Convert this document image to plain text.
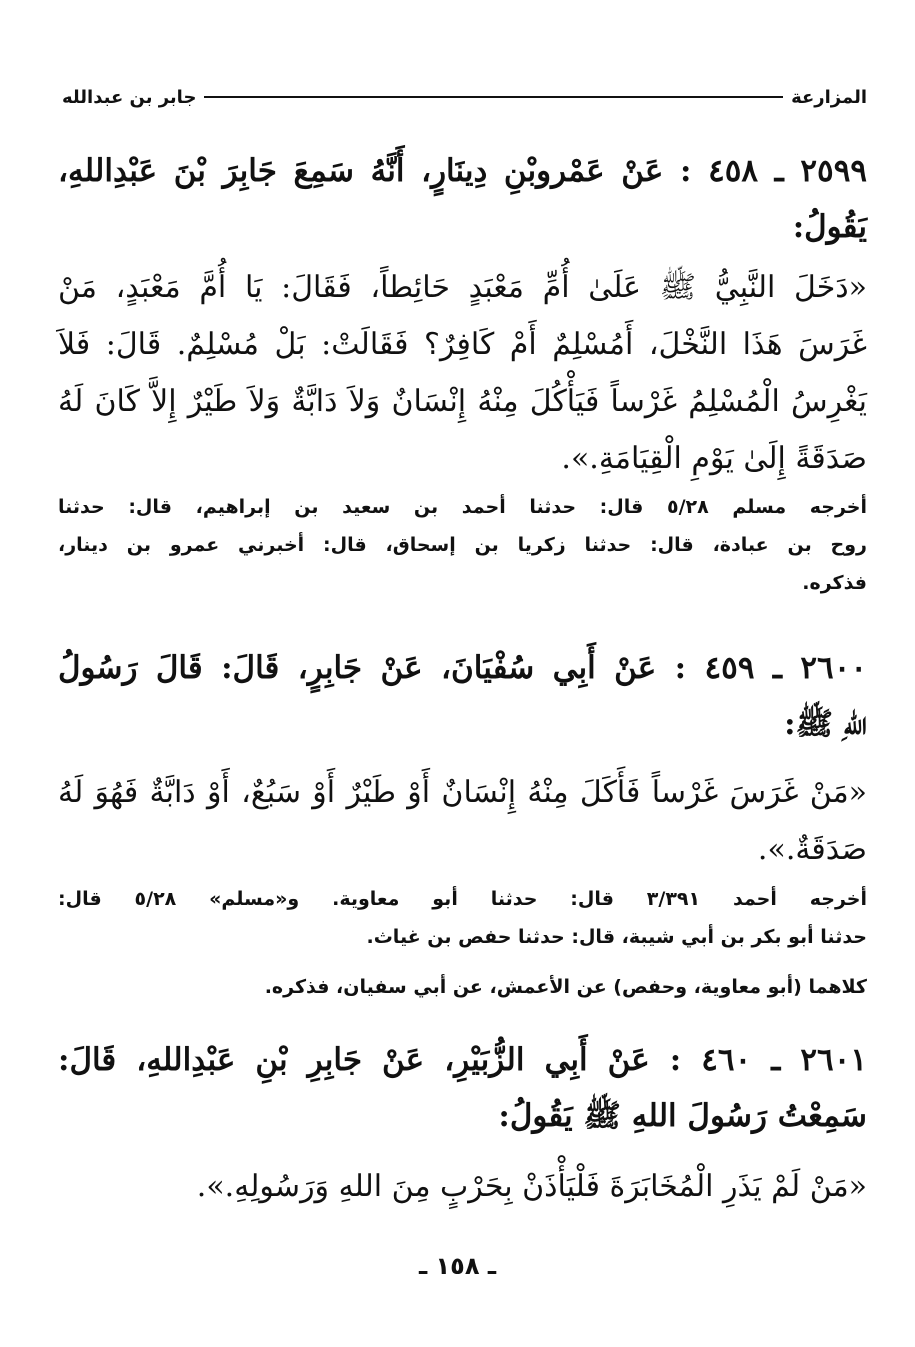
المزارعة
جابر بن عبدالله
٢٥٩٩ ـ ٤٥٨ : عَنْ عَمْروبْنِ دِينَارٍ، أَنَّهُ سَمِعَ جَابِرَ بْنَ عَبْدِاللهِ،
يَقُولُ:
«دَخَلَ النَّبِيُّ ﷺ عَلَىٰ أُمِّ مَعْبَدٍ حَائِطاً، فَقَالَ: يَا أُمَّ مَعْبَدٍ، مَنْ
غَرَسَ هَذَا النَّخْلَ، أَمُسْلِمٌ أَمْ كَافِرٌ؟ فَقَالَتْ: بَلْ مُسْلِمٌ. قَالَ: فَلاَ
يَغْرِسُ الْمُسْلِمُ غَرْساً فَيَأْكُلَ مِنْهُ إِنْسَانٌ وَلاَ دَابَّةٌ وَلاَ طَيْرٌ إِلاَّ كَانَ لَهُ
صَدَقَةً إِلَىٰ يَوْمِ الْقِيَامَةِ.».
أخرجه مسلم ٥/٢٨ قال: حدثنا أحمد بن سعيد بن إبراهيم، قال: حدثنا
روح بن عبادة، قال: حدثنا زكريا بن إسحاق، قال: أخبرني عمرو بن دينار،
فذكره.
٢٦٠٠ ـ ٤٥٩ : عَنْ أَبِي سُفْيَانَ، عَنْ جَابِرٍ، قَالَ: قَالَ رَسُولُ
اللهِ ﷺ:
«مَنْ غَرَسَ غَرْساً فَأَكَلَ مِنْهُ إِنْسَانٌ أَوْ طَيْرٌ أَوْ سَبُعٌ، أَوْ دَابَّةٌ فَهُوَ لَهُ
صَدَقَةٌ.».
أخرجه أحمد ٣/٣٩١ قال: حدثنا أبو معاوية. و«مسلم» ٥/٢٨ قال:
حدثنا أبو بكر بن أبي شيبة، قال: حدثنا حفص بن غياث.
كلاهما (أبو معاوية، وحفص) عن الأعمش، عن أبي سفيان، فذكره.
٢٦٠١ ـ ٤٦٠ : عَنْ أَبِي الزُّبَيْرِ، عَنْ جَابِرِ بْنِ عَبْدِاللهِ، قَالَ:
سَمِعْتُ رَسُولَ اللهِ ﷺ يَقُولُ:
«مَنْ لَمْ يَذَرِ الْمُخَابَرَةَ فَلْيَأْذَنْ بِحَرْبٍ مِنَ اللهِ وَرَسُولِهِ.».
ـ ١٥٨ ـ
